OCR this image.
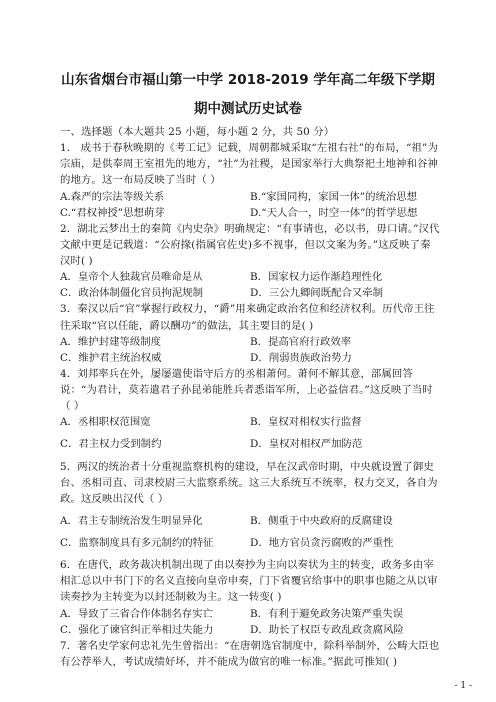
山东省烟台市福山第一中学 2018-2019 学年高二年级下学期
期中测试历史试卷

一、选择题（本大题共 25 小题，每小题 2 分，共 50 分）

1． 成书于春秋晚期的《考工记》记载，周朝都城采取“左祖右社”的布局，“祖”为宗庙，是供奉周王室祖先的地方，“社”为社稷，是国家举行大典祭祀土地神和谷神的地方。这一布局反映了当时（ ）

A.森严的宗法等级关系	B.“家国同构，家国一体”的统治思想
C.“君权神授”思想萌芽	D.“天人合一，时空一体”的哲学思想

2．湖北云梦出土的秦简《内史杂》明确规定：“有事请也，必以书，毋口请。”汉代文献中更是记载道：“公府掾(指属官佐史)多不视事，但以文案为务。”这反映了秦汉时( )

A．皇帝个人独裁官员唯命是从	B．国家权力运作渐趋理性化
C．政治体制僵化官员拘泥规制	D．三公九卿间既配合又牵制

3．秦汉以后“官”掌握行政权力，“爵”用来确定政治名位和经济权利。历代帝王往往采取“官以任能，爵以酬功”的做法，其主要目的是( )

A．维护封建等级制度	B．提高官府行政效率
C．维护君主统治权威	D．削弱贵族政治势力

4．刘邦率兵在外，屡屡遣使诣守后方的丞相萧何。萧何不解其意，部属回答说：“为君计，莫若遣君子孙昆弟能胜兵者悉诣军所，上必益信君。”这反映了当时（ ）

A．丞相职权范围宽	B．皇权对相权实行监督
C．君主权力受到制约	D．皇权对相权严加防范

5．两汉的统治者十分重视监察机构的建设，早在汉武帝时期，中央就设置了御史台、丞相司直、司隶校尉三大监察系统。这三大系统互不统率，权力交叉，各自为政。这反映出汉代（ ）

A．君主专制统治发生明显异化	B．侧重于中央政府的反腐建设
C．监察制度具有多元制约的特征	D．地方官员贪污腐败的严重性

6．在唐代，政务裁决机制出现了由以奏抄为主向以奏状为主的转变，政务多由宰相汇总以中书门下的名义直接向皇帝申奏，门下省覆官给事中的职事也随之从以审读奏抄为主转变为以封还制敕为主。这一转变( )

A．导致了三省合作体制名存实亡	B．有利于避免政务决策严重失误
C．强化了谏官纠正举相过失能力	D．助长了权臣专政乱政贪腐风险

7．著名史学家何忠礼先生曾指出：“在唐朝选官制度中，除科举制外，公畴大臣也有公荐举人，考试成绩好坏，并不能成为做官的唯一标准。”据此可推知( )

- 1 -
